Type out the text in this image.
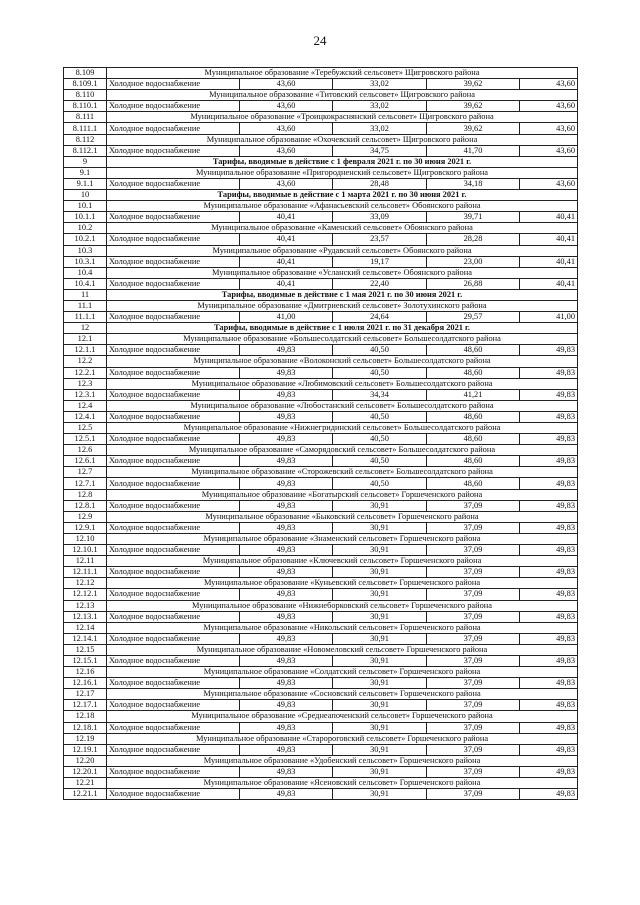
24
8.109	Муниципальное образование «Теребужский сельсовет» Щигровского района				
8.109.1	Холодное водоснабжение	43,60	33,02	39,62	43,60
8.110	Муниципальное образование «Титовский сельсовет» Щигровского района				
8.110.1	Холодное водоснабжение	43,60	33,02	39,62	43,60
8.111	Муниципальное образование «Троицкокраснянский сельсовет» Щигровского района				
8.111.1	Холодное водоснабжение	43,60	33,02	39,62	43,60
8.112	Муниципальное образование «Охочевский сельсовет» Щигровского района				
8.112.1	Холодное водоснабжение	43,60	34,75	41,70	43,60
9	Тарифы, вводимые в действие с 1 февраля 2021 г. по 30 июня 2021 г.				
9.1	Муниципальное образование «Пригородненский сельсовет» Щигровского района				
9.1.1	Холодное водоснабжение	43,60	28,48	34,18	43,60
10	Тарифы, вводимые в действие с 1 марта 2021 г. по 30 июня 2021 г.				
10.1	Муниципальное образование «Афанасьевский сельсовет» Обоянского района				
10.1.1	Холодное водоснабжение	40,41	33,09	39,71	40,41
10.2	Муниципальное образование «Каменский сельсовет» Обоянского района				
10.2.1	Холодное водоснабжение	40,41	23,57	28,28	40,41
10.3	Муниципальное образование «Рудавский сельсовет» Обоянского района				
10.3.1	Холодное водоснабжение	40,41	19,17	23,00	40,41
10.4	Муниципальное образование «Усланский сельсовет» Обоянского района				
10.4.1	Холодное водоснабжение	40,41	22,40	26,88	40,41
11	Тарифы, вводимые в действие с 1 мая 2021 г. по 30 июня 2021 г.				
11.1	Муниципальное образование «Дмитриевский сельсовет» Золотухинского района				
11.1.1	Холодное водоснабжение	41,00	24,64	29,57	41,00
12	Тарифы, вводимые в действие с 1 июля 2021 г. по 31 декабря 2021 г.				
12.1	Муниципальное образование «Большесолдатский сельсовет» Большесолдатского района				
12.1.1	Холодное водоснабжение	49,83	40,50	48,60	49,83
12.2	Муниципальное образование «Волоконский сельсовет» Большесолдатского района				
12.2.1	Холодное водоснабжение	49,83	40,50	48,60	49,83
12.3	Муниципальное образование «Любимовский сельсовет» Большесолдатского района				
12.3.1	Холодное водоснабжение	49,83	34,34	41,21	49,83
12.4	Муниципальное образование «Любостанский сельсовет» Большесолдатского района				
12.4.1	Холодное водоснабжение	49,83	40,50	48,60	49,83
12.5	Муниципальное образование «Нижнегридинский сельсовет» Большесолдатского района				
12.5.1	Холодное водоснабжение	49,83	40,50	48,60	49,83
12.6	Муниципальное образование «Саморядовский сельсовет» Большесолдатского района				
12.6.1	Холодное водоснабжение	49,83	40,50	48,60	49,83
12.7	Муниципальное образование «Сторожевский сельсовет» Большесолдатского района				
12.7.1	Холодное водоснабжение	49,83	40,50	48,60	49,83
12.8	Муниципальное образование «Богатырский сельсовет» Горшеченского района				
12.8.1	Холодное водоснабжение	49,83	30,91	37,09	49,83
12.9	Муниципальное образование «Быковский сельсовет» Горшеченского района				
12.9.1	Холодное водоснабжение	49,83	30,91	37,09	49,83
12.10	Муниципальное образование «Знаменский сельсовет» Горшеченского района				
12.10.1	Холодное водоснабжение	49,83	30,91	37,09	49,83
12.11	Муниципальное образование «Ключевский сельсовет» Горшеченского района				
12.11.1	Холодное водоснабжение	49,83	30,91	37,09	49,83
12.12	Муниципальное образование «Куньевский сельсовет» Горшеченского района				
12.12.1	Холодное водоснабжение	49,83	30,91	37,09	49,83
12.13	Муниципальное образование «Нижнеборковский сельсовет» Горшеченского района				
12.13.1	Холодное водоснабжение	49,83	30,91	37,09	49,83
12.14	Муниципальное образование «Никольский сельсовет» Горшеченского района				
12.14.1	Холодное водоснабжение	49,83	30,91	37,09	49,83
12.15	Муниципальное образование «Новомеловский сельсовет» Горшеченского района				
12.15.1	Холодное водоснабжение	49,83	30,91	37,09	49,83
12.16	Муниципальное образование «Солдатский сельсовет» Горшеченского района				
12.16.1	Холодное водоснабжение	49,83	30,91	37,09	49,83
12.17	Муниципальное образование «Сосновский сельсовет» Горшеченского района				
12.17.1	Холодное водоснабжение	49,83	30,91	37,09	49,83
12.18	Муниципальное образование «Среднеапоченский сельсовет» Горшеченского района				
12.18.1	Холодное водоснабжение	49,83	30,91	37,09	49,83
12.19	Муниципальное образование «Старороговский сельсовет» Горшеченского района				
12.19.1	Холодное водоснабжение	49,83	30,91	37,09	49,83
12.20	Муниципальное образование «Удобенский сельсовет» Горшеченского района				
12.20.1	Холодное водоснабжение	49,83	30,91	37,09	49,83
12.21	Муниципальное образование «Ясеновский сельсовет» Горшеченского района				
12.21.1	Холодное водоснабжение	49,83	30,91	37,09	49,83
